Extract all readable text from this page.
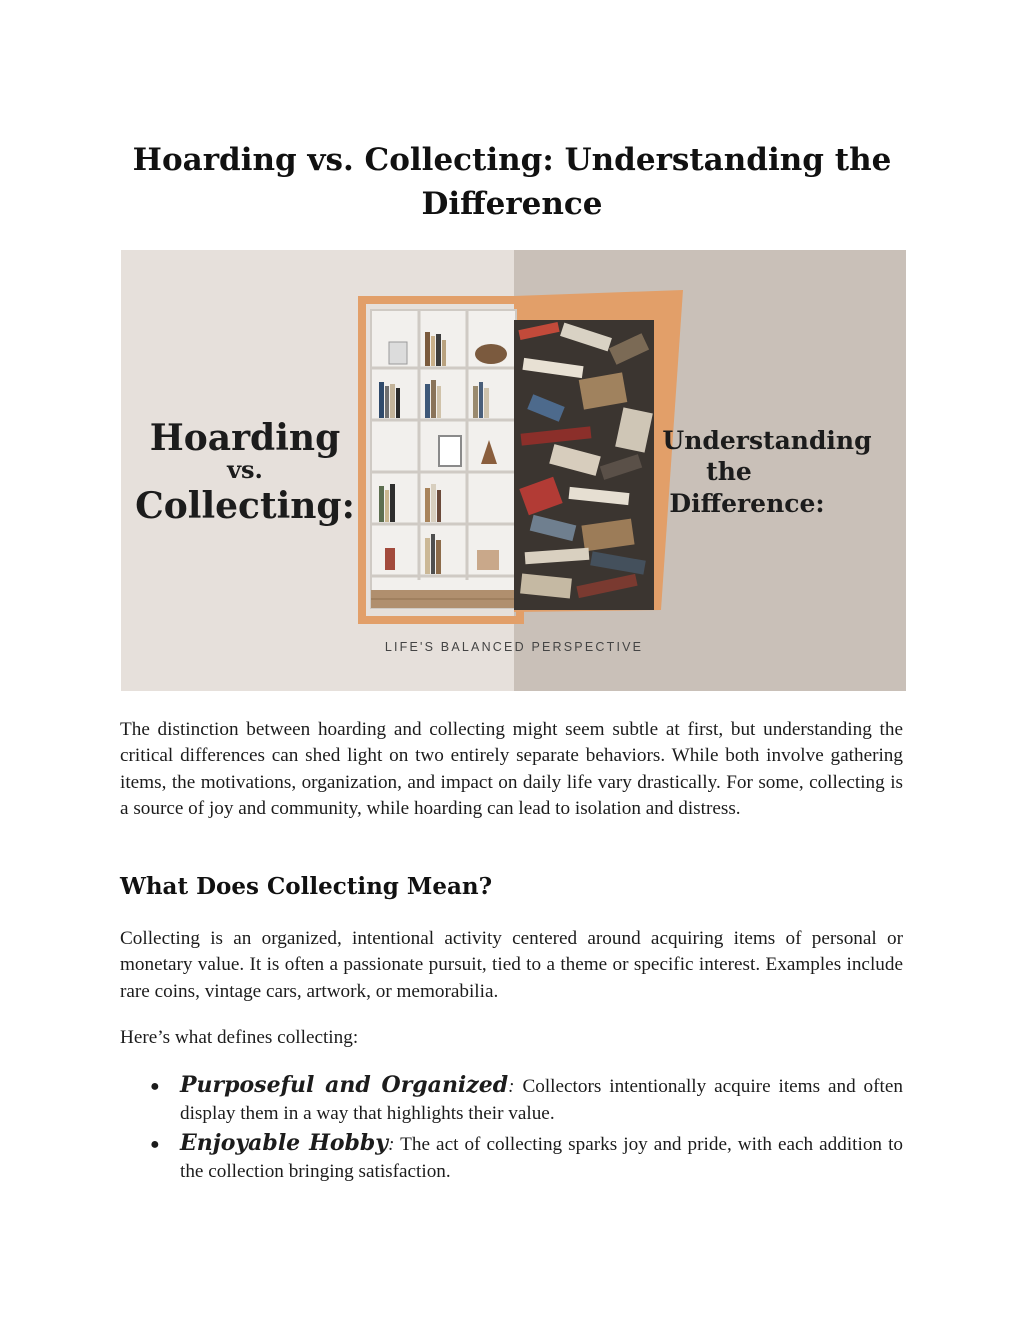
Hoarding vs. Collecting: Understanding the Difference
Hoarding
vs.
Collecting:
Understanding
the
Difference:
LIFE'S BALANCED PERSPECTIVE

The distinction between hoarding and collecting might seem subtle at first, but understanding the critical differences can shed light on two entirely separate behaviors. While both involve gathering items, the motivations, organization, and impact on daily life vary drastically. For some, collecting is a source of joy and community, while hoarding can lead to isolation and distress.

What Does Collecting Mean?

Collecting is an organized, intentional activity centered around acquiring items of personal or monetary value. It is often a passionate pursuit, tied to a theme or specific interest. Examples include rare coins, vintage cars, artwork, or memorabilia.

Here’s what defines collecting:

● Purposeful and Organized: Collectors intentionally acquire items and often display them in a way that highlights their value.
● Enjoyable Hobby: The act of collecting sparks joy and pride, with each addition to the collection bringing satisfaction.
